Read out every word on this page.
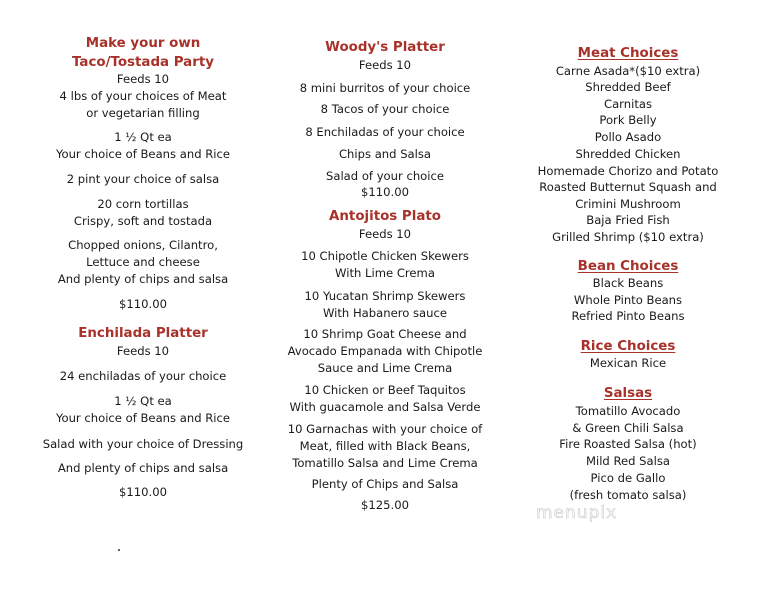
Make your own
Taco/Tostada Party
Feeds 10
4 lbs of your choices of Meat
or vegetarian filling
1 ½ Qt ea
Your choice of Beans and Rice
2 pint your choice of salsa
20 corn tortillas
Crispy, soft and tostada
Chopped onions, Cilantro,
Lettuce and cheese
And plenty of chips and salsa
$110.00
Enchilada Platter
Feeds 10
24 enchiladas of your choice
1 ½ Qt ea
Your choice of Beans and Rice
Salad with your choice of Dressing
And plenty of chips and salsa
$110.00
Woody's Platter
Feeds 10
8 mini burritos of your choice
8 Tacos of your choice
8 Enchiladas of your choice
Chips and Salsa
Salad of your choice
$110.00
Antojitos Plato
Feeds 10
10 Chipotle Chicken Skewers
With Lime Crema
10 Yucatan Shrimp Skewers
With Habanero sauce
10 Shrimp Goat Cheese and
Avocado Empanada with Chipotle
Sauce and Lime Crema
10 Chicken or Beef Taquitos
With guacamole and Salsa Verde
10 Garnachas with your choice of
Meat, filled with Black Beans,
Tomatillo Salsa and Lime Crema
Plenty of Chips and Salsa
$125.00
Meat Choices
Carne Asada*($10 extra)
Shredded Beef
Carnitas
Pork Belly
Pollo Asado
Shredded Chicken
Homemade Chorizo and Potato
Roasted Butternut Squash and
Crimini Mushroom
Baja Fried Fish
Grilled Shrimp ($10 extra)
Bean Choices
Black Beans
Whole Pinto Beans
Refried Pinto Beans
Rice Choices
Mexican Rice
Salsas
Tomatillo Avocado
& Green Chili Salsa
Fire Roasted Salsa (hot)
Mild Red Salsa
Pico de Gallo
(fresh tomato salsa)
menupix
